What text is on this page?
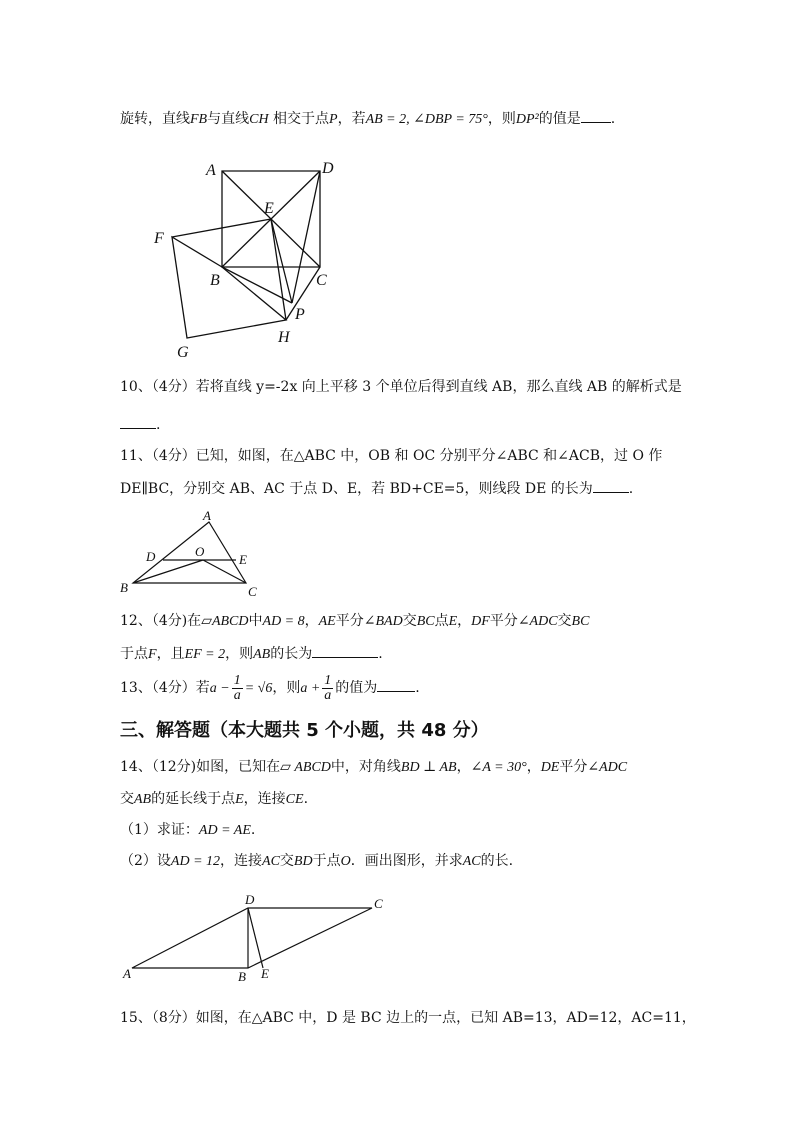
旋转，直线FB与直线CH 相交于点P，若AB = 2, ∠DBP = 75°，则DP²的值是 .
A	D
E
F
B	C
P
H
G
10、（4分）若将直线 y=-2x 向上平移 3 个单位后得到直线 AB，那么直线 AB 的解析式是
.
11、（4分）已知，如图，在△ABC 中，OB 和 OC 分别平分∠ABC 和∠ACB，过 O 作
DE∥BC，分别交 AB、AC 于点 D、E，若 BD+CE=5，则线段 DE 的长为	.
A
D	O
E
B	C
12、（4分)在▱ABCD中AD = 8，AE平分∠BAD交BC点E，DF平分∠ADC交BC
于点F，且EF = 2，则AB的长为	.
13、（4分）若$a - \frac{1}{a} = √6$，则$a + \frac{1}{a}$ 的值为	.
三、解答题（本大题共 5 个小题，共 48 分）
14、（12分)如图，已知在▱ ABCD中，对角线BD ⊥ AB，∠A = 30°，DE平分∠ADC
交AB的延长线于点E，连接CE.
（1）求证：AD = AE.
（2）设AD = 12，连接AC交BD于点O．画出图形，并求AC的长.
D	C
A	B E
15、（8分）如图，在△ABC 中，D 是 BC 边上的一点，已知 AB=13，AD=12，AC=11，
